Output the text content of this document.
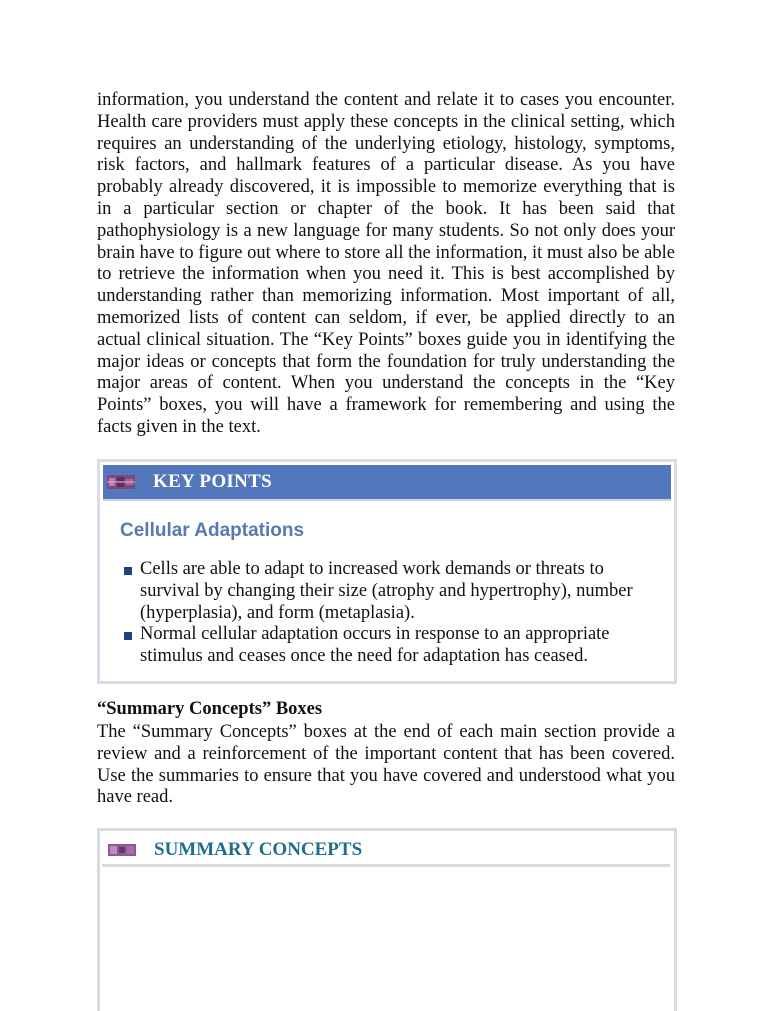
information, you understand the content and relate it to cases you encounter. Health care providers must apply these concepts in the clinical setting, which requires an understanding of the underlying etiology, histology, symptoms, risk factors, and hallmark features of a particular disease. As you have probably already discovered, it is impossible to memorize everything that is in a particular section or chapter of the book. It has been said that pathophysiology is a new language for many students. So not only does your brain have to figure out where to store all the information, it must also be able to retrieve the information when you need it. This is best accomplished by understanding rather than memorizing information. Most important of all, memorized lists of content can seldom, if ever, be applied directly to an actual clinical situation. The “Key Points” boxes guide you in identifying the major ideas or concepts that form the foundation for truly understanding the major areas of content. When you understand the concepts in the “Key Points” boxes, you will have a framework for remembering and using the facts given in the text.

KEY POINTS
Cellular Adaptations
Cells are able to adapt to increased work demands or threats to survival by changing their size (atrophy and hypertrophy), number (hyperplasia), and form (metaplasia).
Normal cellular adaptation occurs in response to an appropriate stimulus and ceases once the need for adaptation has ceased.
“Summary Concepts” Boxes

The “Summary Concepts” boxes at the end of each main section provide a review and a reinforcement of the important content that has been covered. Use the summaries to ensure that you have covered and understood what you have read.

SUMMARY CONCEPTS
